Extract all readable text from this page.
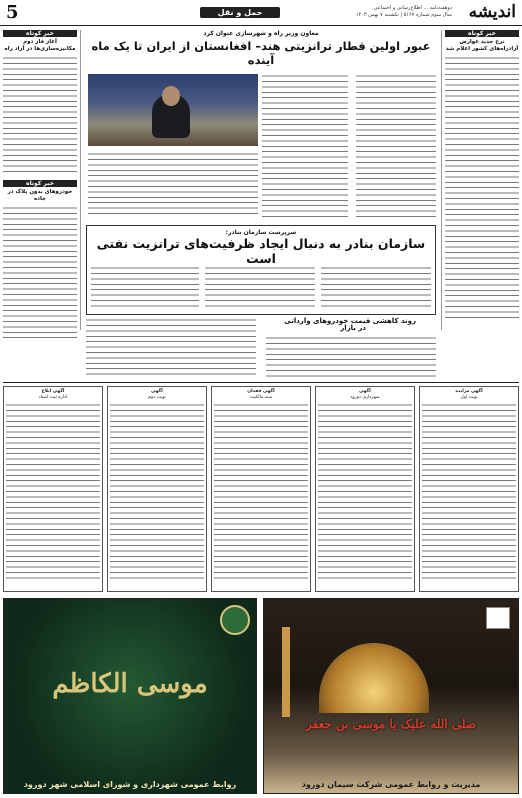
5	حمل و نقل	دوهفته‌نامه ... اطلاع‌رسانی و اجتماعی
سال سوم شماره ۵۱۶۷ | یکشنبه ۷ بهمن ۱۴۰۳ اندیشه
خبر کوتاه
نرخ جدید عوارض آزادراه‌های کشور اعلام شد
خبر کوتاه
آغاز فاز دوم مکانیزه‌سازی‌ها در آزاد راه
خبر کوتاه
خودروهای بدون پلاک در جاده
معاون وزیر راه و شهرسازی عنوان کرد
عبور اولین قطار ترانزیتی هند– افغانستان از ایران تا یک ماه آینده
سرپرست سازمان بنادر:
سازمان بنادر به دنبال ایجاد ظرفیت‌های ترانزیت نفتی است
روند کاهشی قیمت خودروهای وارداتی
در بازار
آگهی مزایده
نوبت اول
آگهی
شهرداری دورود
آگهی فقدان
سند مالکیت
آگهی
نوبت دوم
آگهی ابلاغ
اداره ثبت اسناد
موسی الکاظم
روابط عمومی شهرداری و شورای اسلامی شهر دورود
صلی الله علیک یا موسی بن جعفر
مدیریت و روابط عمومی شرکت سیمان دورود
